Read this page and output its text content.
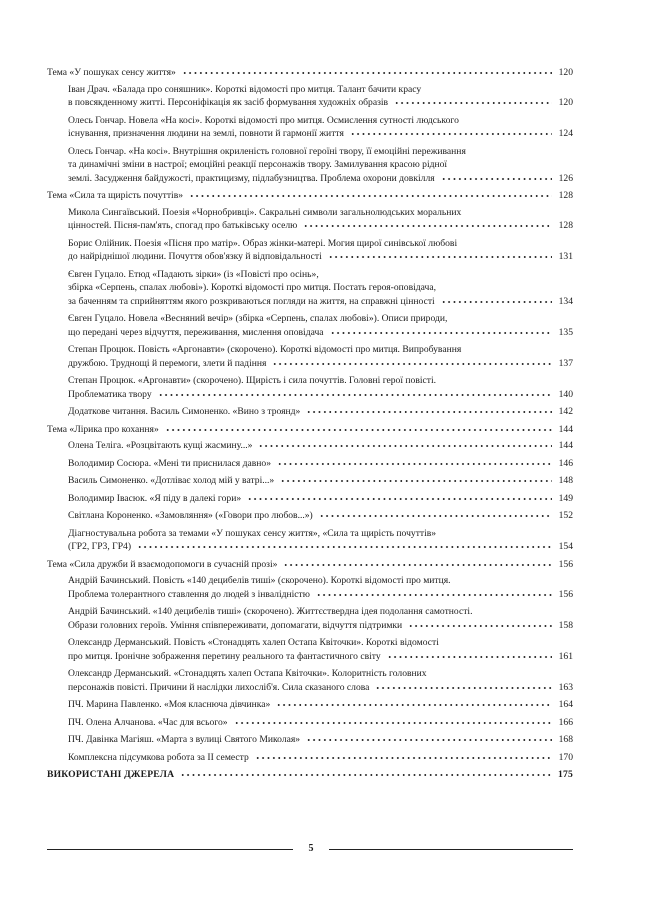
Тема «У пошуках сенсу життя»	120
Іван Драч. «Балада про соняшник». Короткі відомості про митця. Талант бачити красу
в повсякденному житті. Персоніфікація як засіб формування художніх образів	120
Олесь Гончар. Новела «На косі». Короткі відомості про митця. Осмислення сутності людського
існування, призначення людини на землі, повноти й гармонії життя	124
Олесь Гончар. «На косі». Внутрішня окриленість головної героїні твору, її емоційні переживання
та динамічні зміни в настрої; емоційні реакції персонажів твору. Замилування красою рідної
землі. Засудження байдужості, практицизму, підлабузництва. Проблема охорони довкілля	126
Тема «Сила та щирість почуттів»	128
Микола Сингаївський. Поезія «Чорнобривці». Сакральні символи загальнолюдських моральних
цінностей. Пісня-пам'ять, спогад про батьківську оселю	128
Борис Олійник. Поезія «Пісня про матір». Образ жінки-матері. Могия щирої синівської любові
до найріднішої людини. Почуття обов'язку й відповідальності	131
Євген Гуцало. Етюд «Падають зірки» (із «Повісті про осінь»,
збірка «Серпень, спалах любові»). Короткі відомості про митця. Постать героя-оповідача,
за баченням та сприйняттям якого розкриваються погляди на життя, на справжні цінності	134
Євген Гуцало. Новела «Весняний вечір» (збірка «Серпень, спалах любові»). Описи природи,
що передані через відчуття, переживання, мислення оповідача	135
Степан Процюк. Повість «Аргонавти» (скорочено). Короткі відомості про митця. Випробування
дружбою. Труднощі й перемоги, злети й падіння	137
Степан Процюк. «Аргонавти» (скорочено). Щирість і сила почуттів. Головні герої повісті.
Проблематика твору	140
Додаткове читання. Василь Симоненко. «Вино з троянд»	142
Тема «Лірика про кохання»	144
Олена Теліга. «Розцвітають кущі жасмину...»	144
Володимир Сосюра. «Мені ти приснилася давно»	146
Василь Симоненко. «Дотліває холод мій у ватрі...»	148
Володимир Івасюк. «Я піду в далекі гори»	149
Світлана Короненко. «Замовляння» («Говори про любов...»)	152
Діагностувальна робота за темами «У пошуках сенсу життя», «Сила та щирість почуттів»
(ГР2, ГР3, ГР4)	154
Тема «Сила дружби й взаємодопомоги в сучасній прозі»	156
Андрій Бачинський. Повість «140 децибелів тиші» (скорочено). Короткі відомості про митця.
Проблема толерантного ставлення до людей з інвалідністю	156
Андрій Бачинський. «140 децибелів тиші» (скорочено). Життєствердна ідея подолання самотності.
Образи головних героїв. Уміння співпереживати, допомагати, відчуття підтримки	158
Олександр Дерманський. Повість «Стонадцять халеп Остапа Квіточки». Короткі відомості
про митця. Іронічне зображення перетину реального та фантастичного світу	161
Олександр Дерманський. «Стонадцять халеп Остапа Квіточки». Колоритність головних
персонажів повісті. Причини й наслідки лихосліб'я. Сила сказаного слова	163
ПЧ. Марина Павленко. «Моя класнюча дівчинка»	164
ПЧ. Олена Алчанова. «Час для всього»	166
ПЧ. Давінка Магіяш. «Марта з вулиці Святого Миколая»	168
Комплексна підсумкова робота за II семестр	170
ВИКОРИСТАНІ ДЖЕРЕЛА	175
5
